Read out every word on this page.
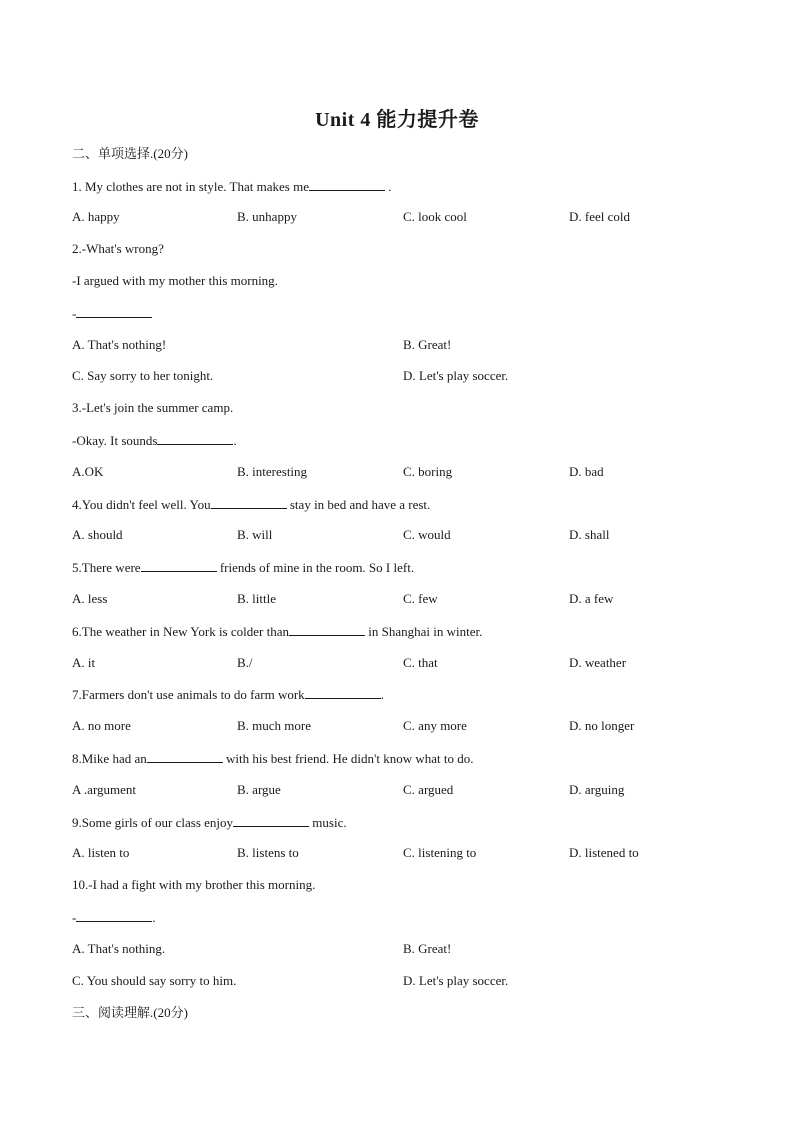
Unit 4 能力提升卷
二、单项选择.(20分)
1. My clothes are not in style. That makes me	.
A. happy	B. unhappy	C. look cool	D. feel cold
2.-What's wrong?
-I argued with my mother this morning.
-
A. That's nothing!	B. Great!
C. Say sorry to her tonight.	D. Let's play soccer.
3.-Let's join the summer camp.
-Okay. It sounds	.
A.OK	B. interesting	C. boring	D. bad
4.You didn't feel well. You	stay in bed and have a rest.
A. should	B. will	C. would	D. shall
5.There were	friends of mine in the room. So I left.
A. less	B. little	C. few	D. a few
6.The weather in New York is colder than	in Shanghai in winter.
A. it	B./	C. that	D. weather
7.Farmers don't use animals to do farm work	.
A. no more	B. much more	C. any more	D. no longer
8.Mike had an	with his best friend. He didn't know what to do.
A .argument	B. argue	C. argued	D. arguing
9.Some girls of our class enjoy	music.
A. listen to	B. listens to	C. listening to	D. listened to
10.-I had a fight with my brother this morning.
-	.
A. That's nothing.	B. Great!
C. You should say sorry to him.	D. Let's play soccer.
三、阅读理解.(20分)
